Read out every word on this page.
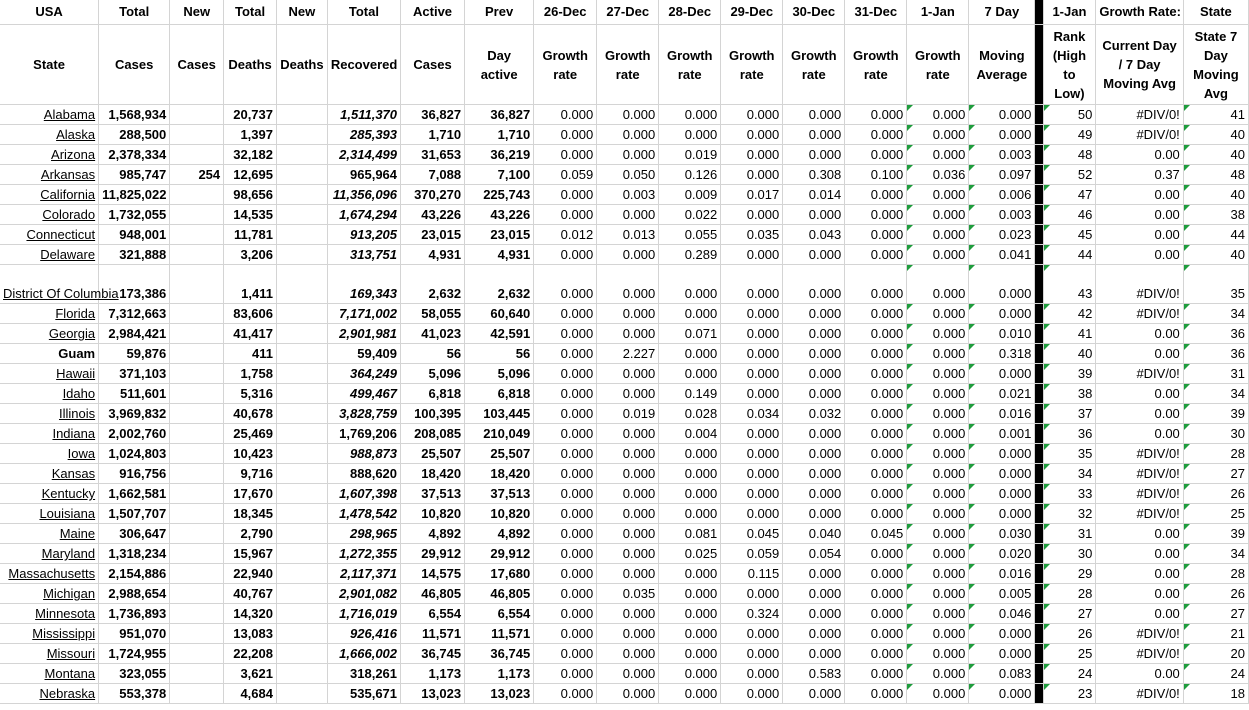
USA	Total	New	Total	New	Total	Active	Prev	26-Dec	27-Dec	28-Dec	29-Dec	30-Dec	31-Dec	1-Jan	7 Day		1-Jan	Growth Rate:	State
State	Cases	Cases	Deaths	Deaths	Recovered	Cases	Day active	Growth rate	Growth rate	Growth rate	Growth rate	Growth rate	Growth rate	Growth rate	Moving Average		Rank (High to Low)	Current Day / 7 Day Moving Avg	State 7 Day Moving Avg
Alabama	1,568,934		20,737		1,511,370	36,827	36,827	0.000	0.000	0.000	0.000	0.000	0.000	0.000	0.000		50	#DIV/0!	41
Alaska	288,500		1,397		285,393	1,710	1,710	0.000	0.000	0.000	0.000	0.000	0.000	0.000	0.000		49	#DIV/0!	40
Arizona	2,378,334		32,182		2,314,499	31,653	36,219	0.000	0.000	0.019	0.000	0.000	0.000	0.000	0.003		48	0.00	40
Arkansas	985,747	254	12,695		965,964	7,088	7,100	0.059	0.050	0.126	0.000	0.308	0.100	0.036	0.097		52	0.37	48
California	11,825,022		98,656		11,356,096	370,270	225,743	0.000	0.003	0.009	0.017	0.014	0.000	0.000	0.006		47	0.00	40
Colorado	1,732,055		14,535		1,674,294	43,226	43,226	0.000	0.000	0.022	0.000	0.000	0.000	0.000	0.003		46	0.00	38
Connecticut	948,001		11,781		913,205	23,015	23,015	0.012	0.013	0.055	0.035	0.043	0.000	0.000	0.023		45	0.00	44
Delaware	321,888		3,206		313,751	4,931	4,931	0.000	0.000	0.289	0.000	0.000	0.000	0.000	0.041		44	0.00	40
District Of Columbia	173,386		1,411		169,343	2,632	2,632	0.000	0.000	0.000	0.000	0.000	0.000	0.000	0.000		43	#DIV/0!	35
Florida	7,312,663		83,606		7,171,002	58,055	60,640	0.000	0.000	0.000	0.000	0.000	0.000	0.000	0.000		42	#DIV/0!	34
Georgia	2,984,421		41,417		2,901,981	41,023	42,591	0.000	0.000	0.071	0.000	0.000	0.000	0.000	0.010		41	0.00	36
Guam	59,876		411		59,409	56	56	0.000	2.227	0.000	0.000	0.000	0.000	0.000	0.318		40	0.00	36
Hawaii	371,103		1,758		364,249	5,096	5,096	0.000	0.000	0.000	0.000	0.000	0.000	0.000	0.000		39	#DIV/0!	31
Idaho	511,601		5,316		499,467	6,818	6,818	0.000	0.000	0.149	0.000	0.000	0.000	0.000	0.021		38	0.00	34
Illinois	3,969,832		40,678		3,828,759	100,395	103,445	0.000	0.019	0.028	0.034	0.032	0.000	0.000	0.016		37	0.00	39
Indiana	2,002,760		25,469		1,769,206	208,085	210,049	0.000	0.000	0.004	0.000	0.000	0.000	0.000	0.001		36	0.00	30
Iowa	1,024,803		10,423		988,873	25,507	25,507	0.000	0.000	0.000	0.000	0.000	0.000	0.000	0.000		35	#DIV/0!	28
Kansas	916,756		9,716		888,620	18,420	18,420	0.000	0.000	0.000	0.000	0.000	0.000	0.000	0.000		34	#DIV/0!	27
Kentucky	1,662,581		17,670		1,607,398	37,513	37,513	0.000	0.000	0.000	0.000	0.000	0.000	0.000	0.000		33	#DIV/0!	26
Louisiana	1,507,707		18,345		1,478,542	10,820	10,820	0.000	0.000	0.000	0.000	0.000	0.000	0.000	0.000		32	#DIV/0!	25
Maine	306,647		2,790		298,965	4,892	4,892	0.000	0.000	0.081	0.045	0.040	0.045	0.000	0.030		31	0.00	39
Maryland	1,318,234		15,967		1,272,355	29,912	29,912	0.000	0.000	0.025	0.059	0.054	0.000	0.000	0.020		30	0.00	34
Massachusetts	2,154,886		22,940		2,117,371	14,575	17,680	0.000	0.000	0.000	0.115	0.000	0.000	0.000	0.016		29	0.00	28
Michigan	2,988,654		40,767		2,901,082	46,805	46,805	0.000	0.035	0.000	0.000	0.000	0.000	0.000	0.005		28	0.00	26
Minnesota	1,736,893		14,320		1,716,019	6,554	6,554	0.000	0.000	0.000	0.324	0.000	0.000	0.000	0.046		27	0.00	27
Mississippi	951,070		13,083		926,416	11,571	11,571	0.000	0.000	0.000	0.000	0.000	0.000	0.000	0.000		26	#DIV/0!	21
Missouri	1,724,955		22,208		1,666,002	36,745	36,745	0.000	0.000	0.000	0.000	0.000	0.000	0.000	0.000		25	#DIV/0!	20
Montana	323,055		3,621		318,261	1,173	1,173	0.000	0.000	0.000	0.000	0.583	0.000	0.000	0.083		24	0.00	24
Nebraska	553,378		4,684		535,671	13,023	13,023	0.000	0.000	0.000	0.000	0.000	0.000	0.000	0.000		23	#DIV/0!	18
